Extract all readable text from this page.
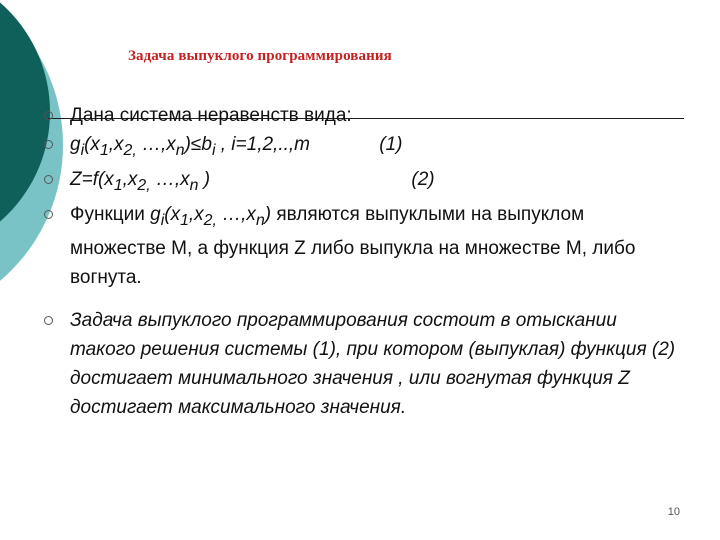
Задача выпуклого программирования
Дана система неравенств вида:
$g_i(x_1,x_{2,}$ $\dots,x_n)\le b_i$ , i=1,2,..,m	(1)
$Z=f(x_1,x_{2,}$ $\dots,x_n$ )	(2)
Функции $g_i(x_1,x_{2,}$ $\dots,x_n$) являются выпуклыми на выпуклом множестве М, а функция Z либо выпукла на множестве М, либо вогнута.
Задача выпуклого программирования состоит в отыскании такого решения системы (1), при котором (выпуклая) функция (2) достигает минимального значения , или вогнутая функция Z достигает максимального значения.
10
